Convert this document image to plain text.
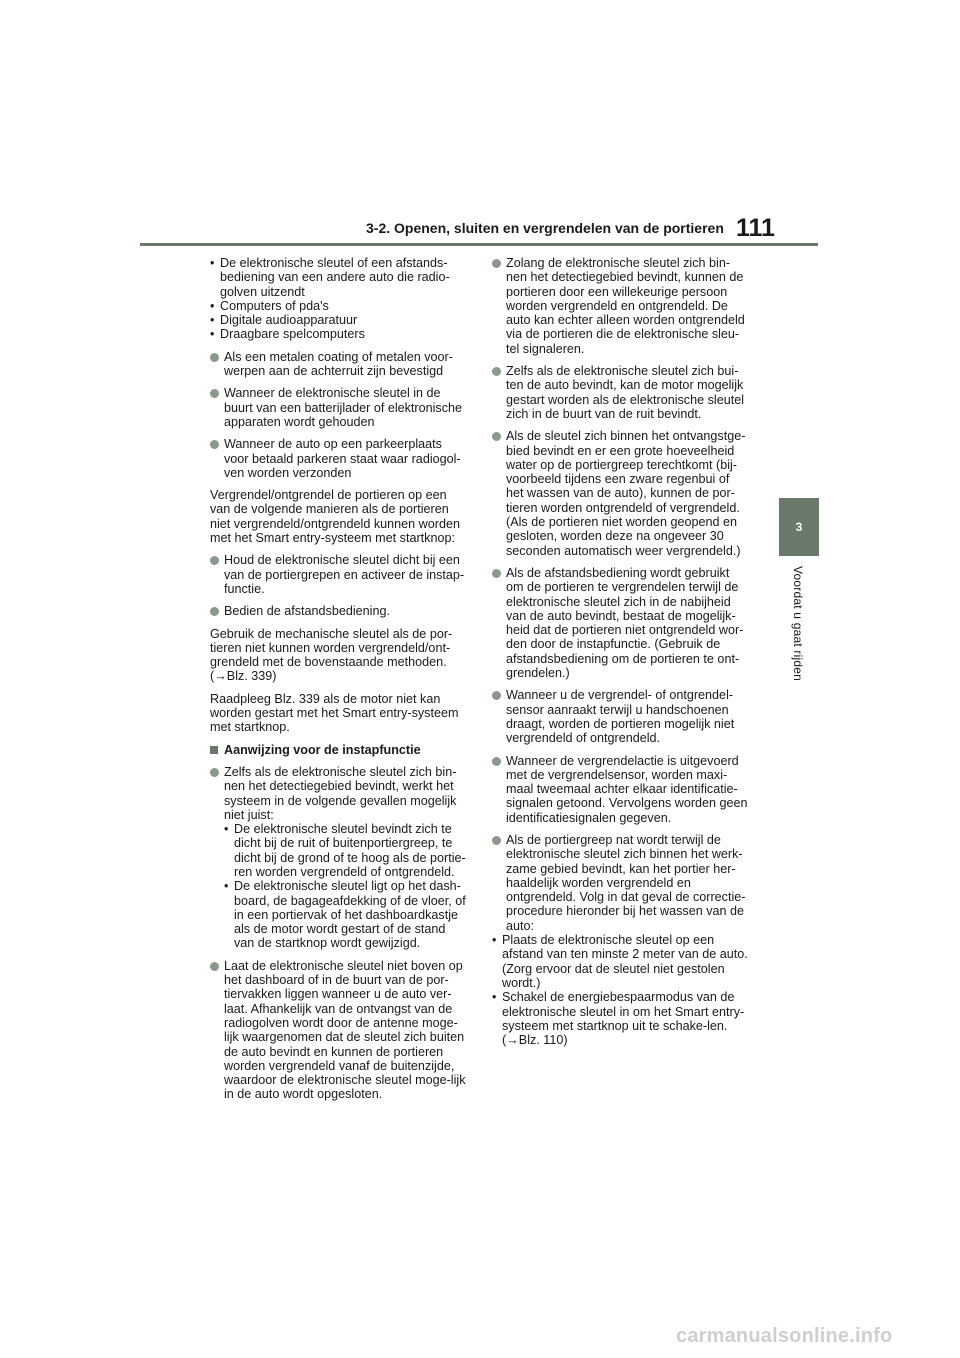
3-2. Openen, sluiten en vergrendelen van de portieren 111
3
Voordat u gaat rijden
• De elektronische sleutel of een afstands-bediening van een andere auto die radio-golven uitzendt
• Computers of pda's
• Digitale audioapparatuur
• Draagbare spelcomputers
Als een metalen coating of metalen voor-werpen aan de achterruit zijn bevestigd
Wanneer de elektronische sleutel in de buurt van een batterijlader of elektronische apparaten wordt gehouden
Wanneer de auto op een parkeerplaats voor betaald parkeren staat waar radiogol-ven worden verzonden
Vergrendel/ontgrendel de portieren op een van de volgende manieren als de portieren niet vergrendeld/ontgrendeld kunnen worden met het Smart entry-systeem met startknop:
Houd de elektronische sleutel dicht bij een van de portiergrepen en activeer de instap-functie.
Bedien de afstandsbediening.
Gebruik de mechanische sleutel als de por-tieren niet kunnen worden vergrendeld/ont-grendeld met de bovenstaande methoden. (→Blz. 339)
Raadpleeg Blz. 339 als de motor niet kan worden gestart met het Smart entry-systeem met startknop.
Aanwijzing voor de instapfunctie
Zelfs als de elektronische sleutel zich bin-nen het detectiegebied bevindt, werkt het systeem in de volgende gevallen mogelijk niet juist:
• De elektronische sleutel bevindt zich te dicht bij de ruit of buitenportiergreep, te dicht bij de grond of te hoog als de portie-ren worden vergrendeld of ontgrendeld.
• De elektronische sleutel ligt op het dash-board, de bagageafdekking of de vloer, of in een portiervak of het dashboardkastje als de motor wordt gestart of de stand van de startknop wordt gewijzigd.
Laat de elektronische sleutel niet boven op het dashboard of in de buurt van de por-tiervakken liggen wanneer u de auto ver-laat. Afhankelijk van de ontvangst van de radiogolven wordt door de antenne moge-lijk waargenomen dat de sleutel zich buiten de auto bevindt en kunnen de portieren worden vergrendeld vanaf de buitenzijde, waardoor de elektronische sleutel moge-lijk in de auto wordt opgesloten.
Zolang de elektronische sleutel zich bin-nen het detectiegebied bevindt, kunnen de portieren door een willekeurige persoon worden vergrendeld en ontgrendeld. De auto kan echter alleen worden ontgrendeld via de portieren die de elektronische sleu-tel signaleren.
Zelfs als de elektronische sleutel zich bui-ten de auto bevindt, kan de motor mogelijk gestart worden als de elektronische sleutel zich in de buurt van de ruit bevindt.
Als de sleutel zich binnen het ontvangstge-bied bevindt en er een grote hoeveelheid water op de portiergreep terechtkomt (bij-voorbeeld tijdens een zware regenbui of het wassen van de auto), kunnen de por-tieren worden ontgrendeld of vergrendeld. (Als de portieren niet worden geopend en gesloten, worden deze na ongeveer 30 seconden automatisch weer vergrendeld.)
Als de afstandsbediening wordt gebruikt om de portieren te vergrendelen terwijl de elektronische sleutel zich in de nabijheid van de auto bevindt, bestaat de mogelijk-heid dat de portieren niet ontgrendeld wor-den door de instapfunctie. (Gebruik de afstandsbediening om de portieren te ont-grendelen.)
Wanneer u de vergrendel- of ontgrendel-sensor aanraakt terwijl u handschoenen draagt, worden de portieren mogelijk niet vergrendeld of ontgrendeld.
Wanneer de vergrendelactie is uitgevoerd met de vergrendelsensor, worden maxi-maal tweemaal achter elkaar identificatie-signalen getoond. Vervolgens worden geen identificatiesignalen gegeven.
Als de portiergreep nat wordt terwijl de elektronische sleutel zich binnen het werk-zame gebied bevindt, kan het portier her-haaldelijk worden vergrendeld en ontgrendeld. Volg in dat geval de correctie-procedure hieronder bij het wassen van de auto:
• Plaats de elektronische sleutel op een afstand van ten minste 2 meter van de auto. (Zorg ervoor dat de sleutel niet gestolen wordt.)
• Schakel de energiebespaarmodus van de elektronische sleutel in om het Smart entry-systeem met startknop uit te schake-len. (→Blz. 110)
carmanualsonline.info
